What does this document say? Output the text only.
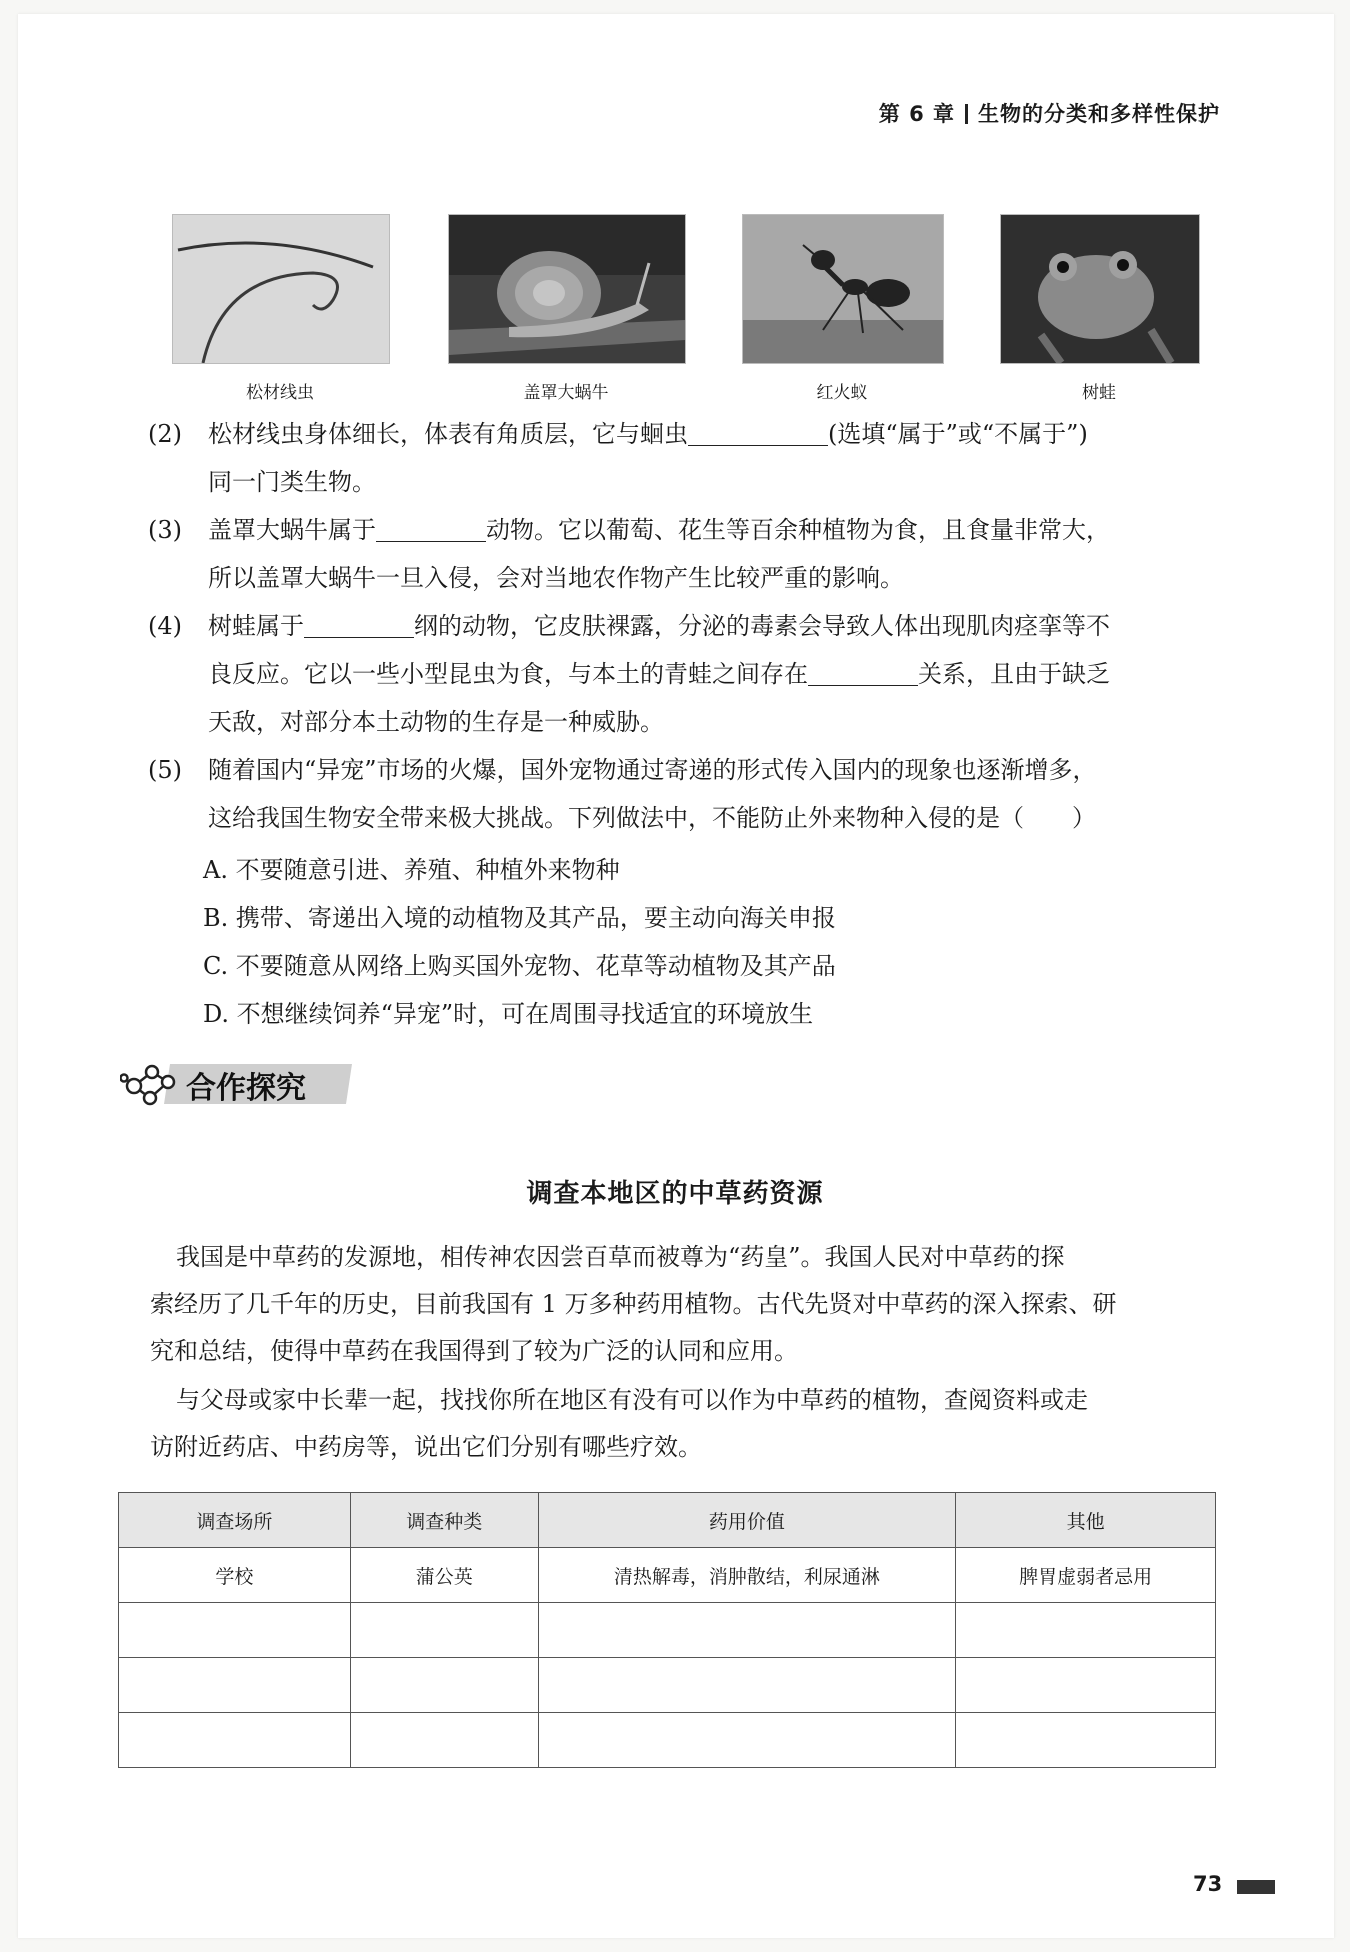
第 6 章 生物的分类和多样性保护
松材线虫	盖罩大蜗牛	红火蚁	树蛙
(2) 松材线虫身体细长，体表有角质层，它与蛔虫	(选填“属于”或“不属于”)
同一门类生物。
(3) 盖罩大蜗牛属于	动物。它以葡萄、花生等百余种植物为食，且食量非常大，
所以盖罩大蜗牛一旦入侵，会对当地农作物产生比较严重的影响。
(4) 树蛙属于	纲的动物，它皮肤裸露，分泌的毒素会导致人体出现肌肉痉挛等不
良反应。它以一些小型昆虫为食，与本土的青蛙之间存在	关系，且由于缺乏
天敌，对部分本土动物的生存是一种威胁。
(5) 随着国内“异宠”市场的火爆，国外宠物通过寄递的形式传入国内的现象也逐渐增多，
这给我国生物安全带来极大挑战。下列做法中，不能防止外来物种入侵的是（　　）
A. 不要随意引进、养殖、种植外来物种
B. 携带、寄递出入境的动植物及其产品，要主动向海关申报
C. 不要随意从网络上购买国外宠物、花草等动植物及其产品
D. 不想继续饲养“异宠”时，可在周围寻找适宜的环境放生
合作探究
调查本地区的中草药资源
我国是中草药的发源地，相传神农因尝百草而被尊为“药皇”。我国人民对中草药的探
索经历了几千年的历史，目前我国有 1 万多种药用植物。古代先贤对中草药的深入探索、研
究和总结，使得中草药在我国得到了较为广泛的认同和应用。
与父母或家中长辈一起，找找你所在地区有没有可以作为中草药的植物，查阅资料或走
访附近药店、中药房等，说出它们分别有哪些疗效。
调查场所	调查种类	药用价值	其他
学校	蒲公英	清热解毒，消肿散结，利尿通淋	脾胃虚弱者忌用

73
